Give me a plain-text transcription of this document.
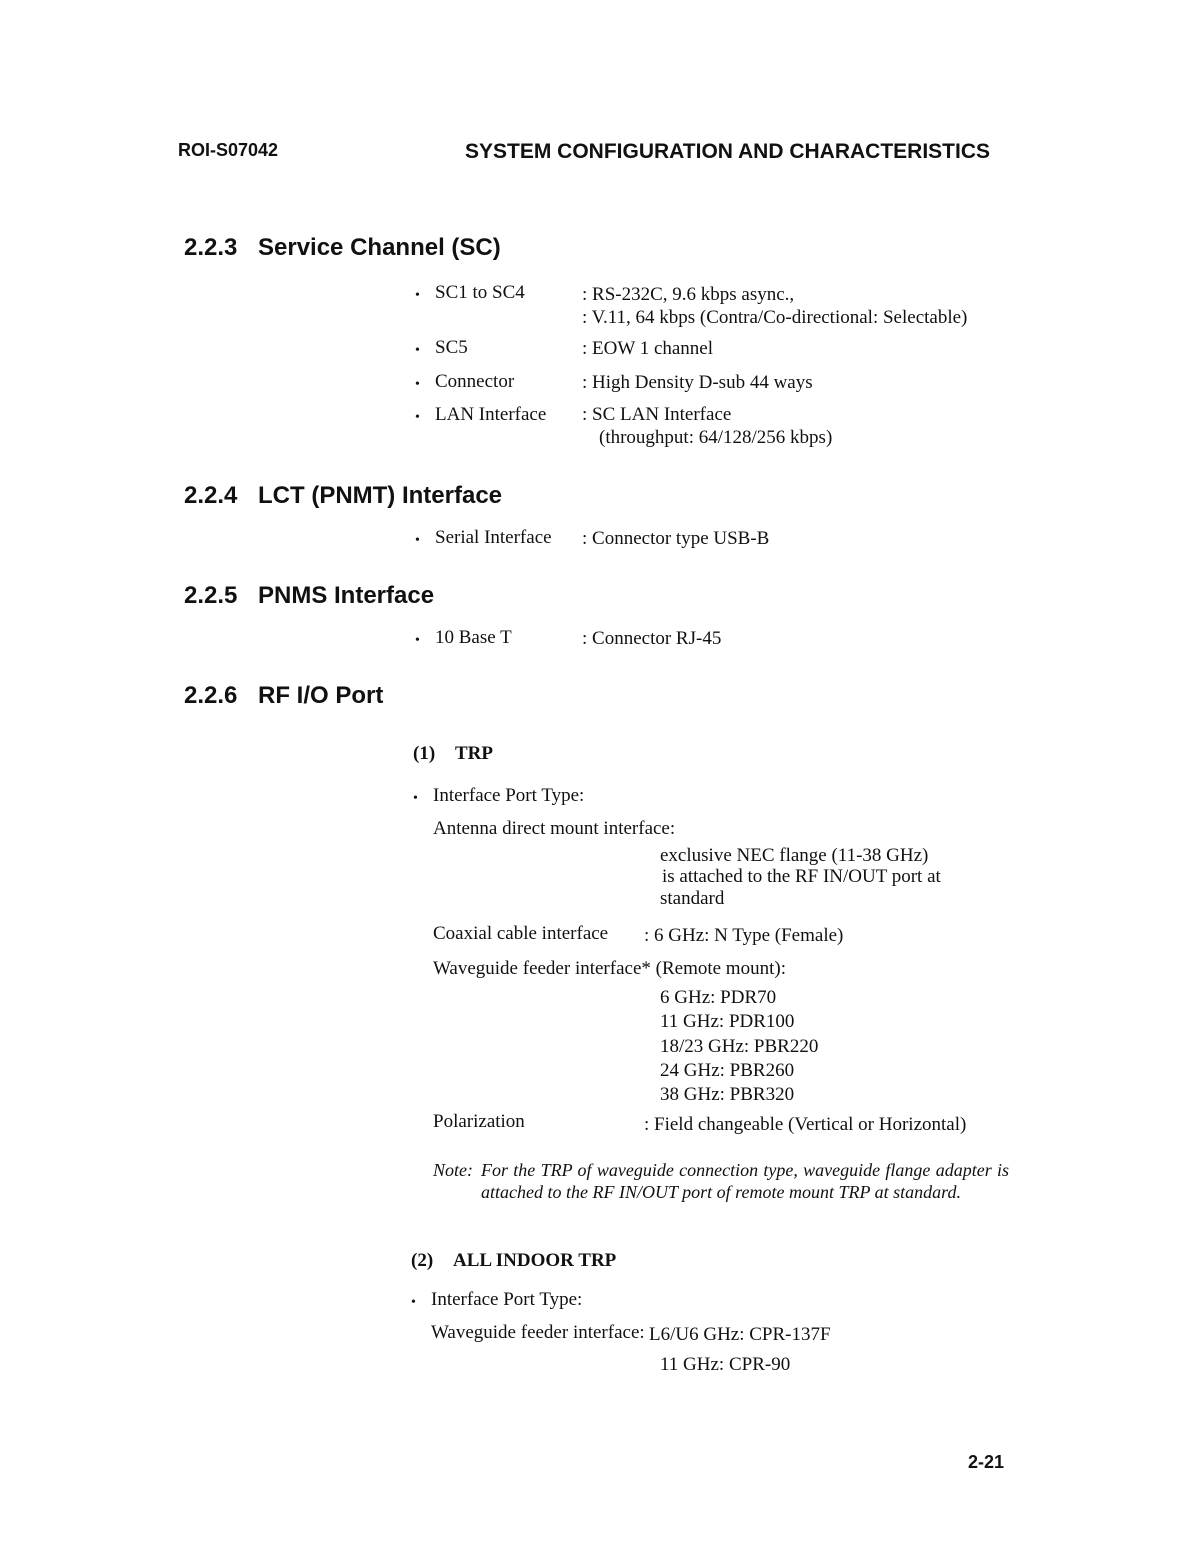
ROI-S07042	SYSTEM CONFIGURATION AND CHARACTERISTICS
2.2.3 Service Channel (SC)
• SC1 to SC4	: RS-232C, 9.6 kbps async.,
: V.11, 64 kbps (Contra/Co-directional: Selectable)
• SC5	: EOW 1 channel
• Connector	: High Density D-sub 44 ways
• LAN Interface : SC LAN Interface
(throughput: 64/128/256 kbps)
2.2.4 LCT (PNMT) Interface
• Serial Interface : Connector type USB-B
2.2.5 PNMS Interface
• 10 Base T	: Connector RJ-45
2.2.6 RF I/O Port
(1) TRP
• Interface Port Type:
Antenna direct mount interface:
exclusive NEC flange (11-38 GHz)
is attached to the RF IN/OUT port at
standard
Coaxial cable interface : 6 GHz: N Type (Female)
Waveguide feeder interface* (Remote mount):
6 GHz: PDR70
11 GHz: PDR100
18/23 GHz: PBR220
24 GHz: PBR260
38 GHz: PBR320
Polarization	: Field changeable (Vertical or Horizontal)
Note: For the TRP of waveguide connection type, waveguide flange adapter is attached to the RF IN/OUT port of remote mount TRP at standard.
(2) ALL INDOOR TRP
• Interface Port Type:
Waveguide feeder interface: L6/U6 GHz: CPR-137F
11 GHz: CPR-90
2-21
